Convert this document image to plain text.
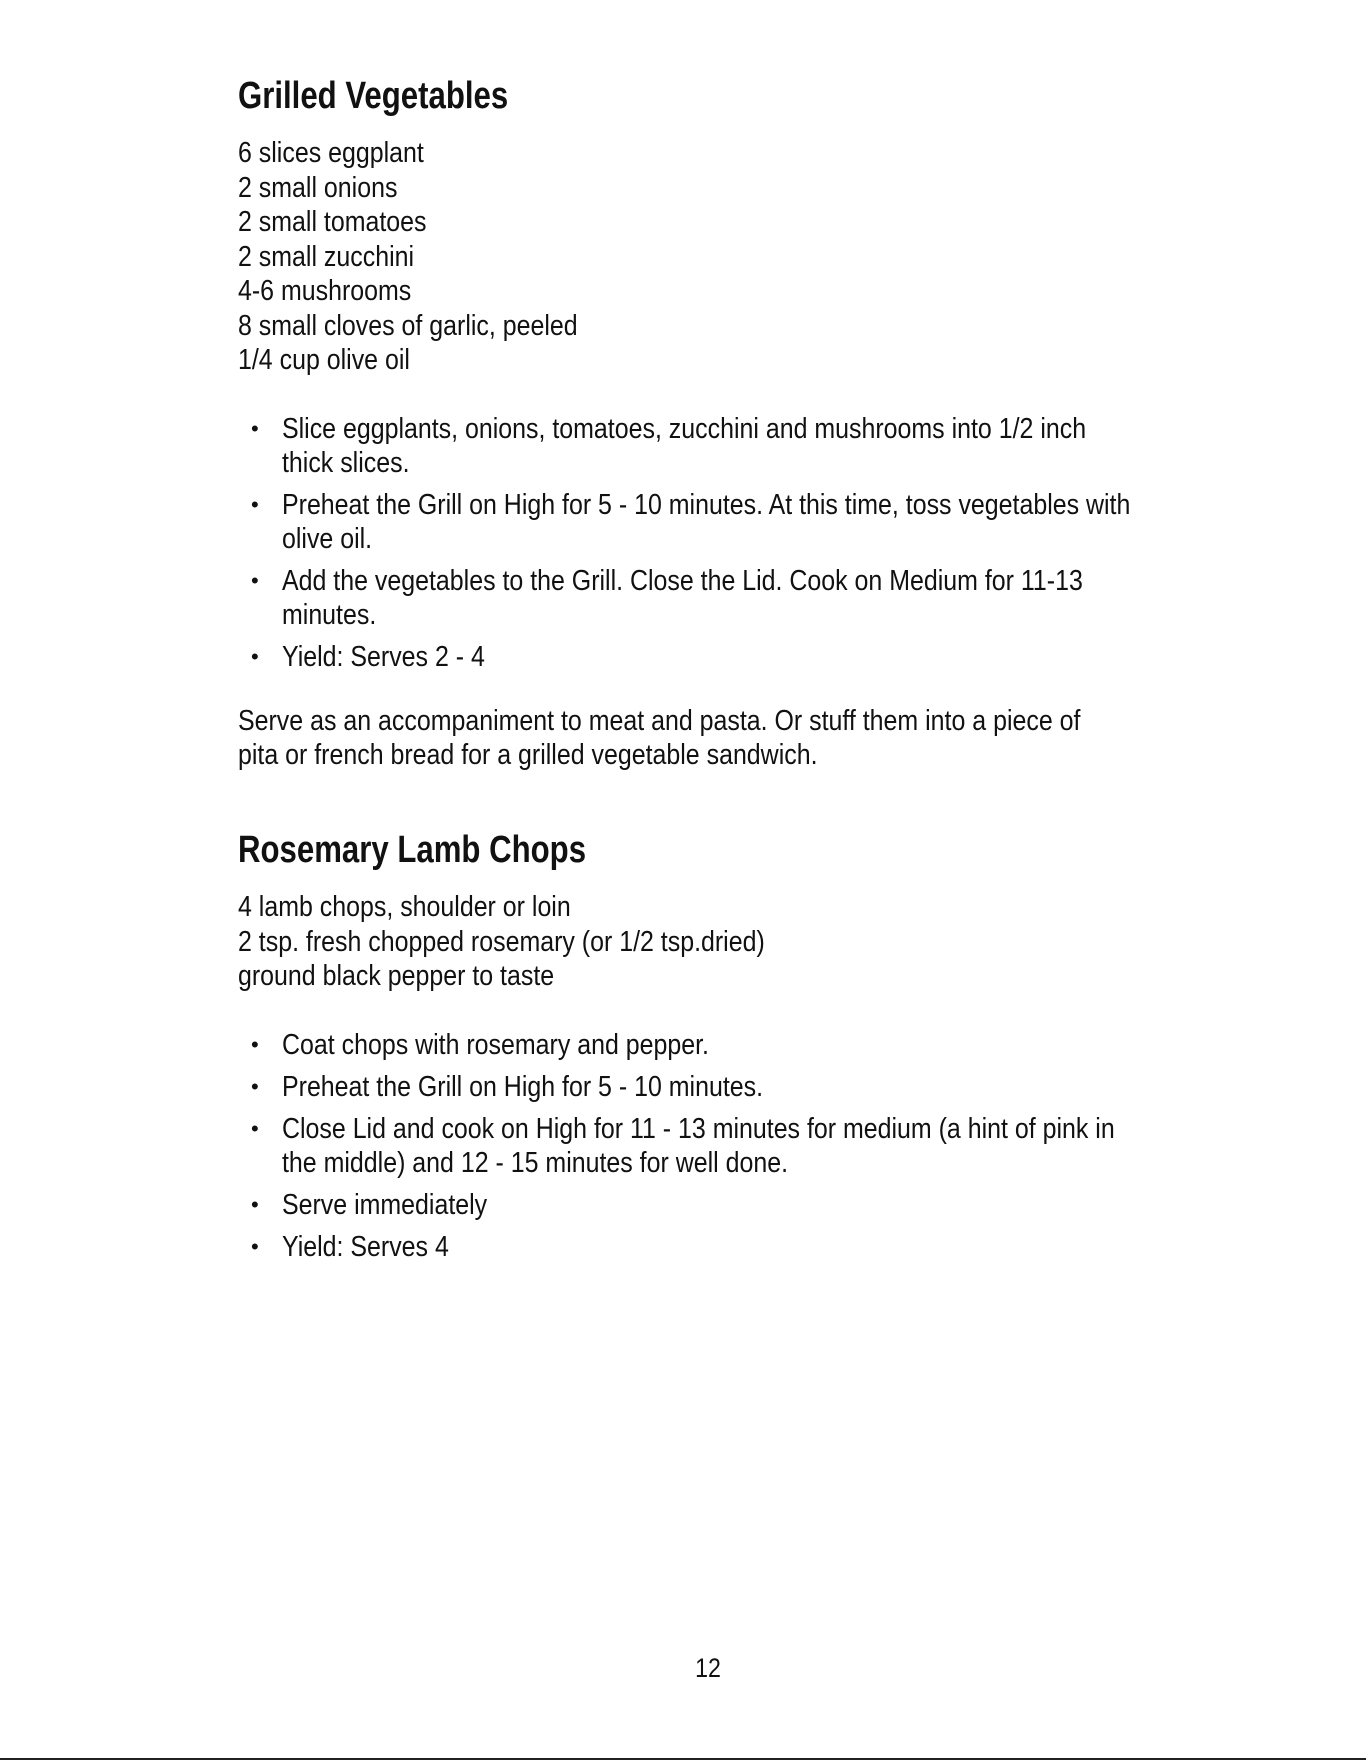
Grilled Vegetables
6 slices eggplant
2 small onions
2 small tomatoes
2 small zucchini
4-6 mushrooms
8 small cloves of garlic, peeled
1/4 cup olive oil
• Slice eggplants, onions, tomatoes, zucchini and mushrooms into 1/2 inch thick slices.
• Preheat the Grill on High for 5 - 10 minutes. At this time, toss vegetables with olive oil.
• Add the vegetables to the Grill. Close the Lid. Cook on Medium for 11-13 minutes.
• Yield: Serves 2 - 4

Serve as an accompaniment to meat and pasta. Or stuff them into a piece of pita or french bread for a grilled vegetable sandwich.

Rosemary Lamb Chops
4 lamb chops, shoulder or loin
2 tsp. fresh chopped rosemary (or 1/2 tsp.dried)
ground black pepper to taste
• Coat chops with rosemary and pepper.
• Preheat the Grill on High for 5 - 10 minutes.
• Close Lid and cook on High for 11 - 13 minutes for medium (a hint of pink in the middle) and 12 - 15 minutes for well done.
• Serve immediately
• Yield: Serves 4
12
